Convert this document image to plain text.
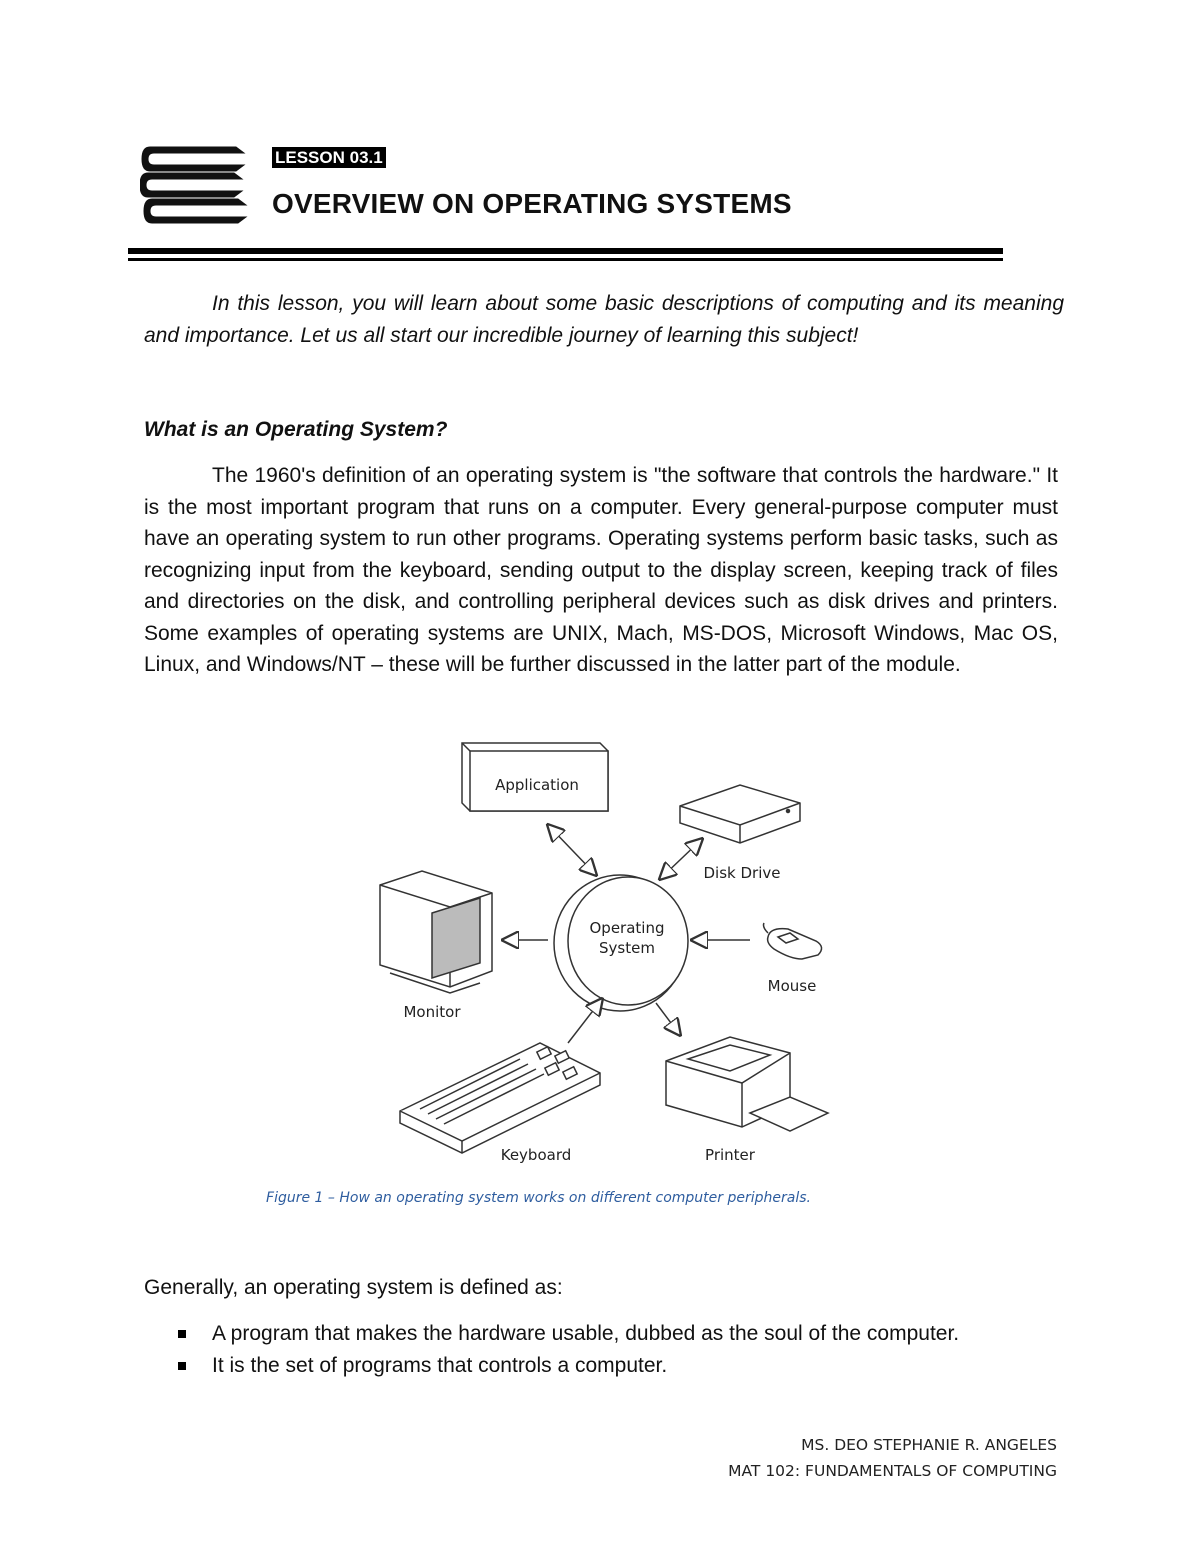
LESSON 03.1
OVERVIEW ON OPERATING SYSTEMS
In this lesson, you will learn about some basic descriptions of computing and its meaning and importance. Let us all start our incredible journey of learning this subject!
What is an Operating System?
The 1960's definition of an operating system is "the software that controls the hardware." It is the most important program that runs on a computer. Every general-purpose computer must have an operating system to run other programs. Operating systems perform basic tasks, such as recognizing input from the keyboard, sending output to the display screen, keeping track of files and directories on the disk, and controlling peripheral devices such as disk drives and printers. Some examples of operating systems are UNIX, Mach, MS-DOS, Microsoft Windows, Mac OS, Linux, and Windows/NT – these will be further discussed in the latter part of the module.
Application
Disk Drive
Operating
System
Monitor
Mouse
Keyboard	Printer
Figure 1 – How an operating system works on different computer peripherals.
Generally, an operating system is defined as:
A program that makes the hardware usable, dubbed as the soul of the computer.
It is the set of programs that controls a computer.
MS. DEO STEPHANIE R. ANGELES
MAT 102: FUNDAMENTALS OF COMPUTING
